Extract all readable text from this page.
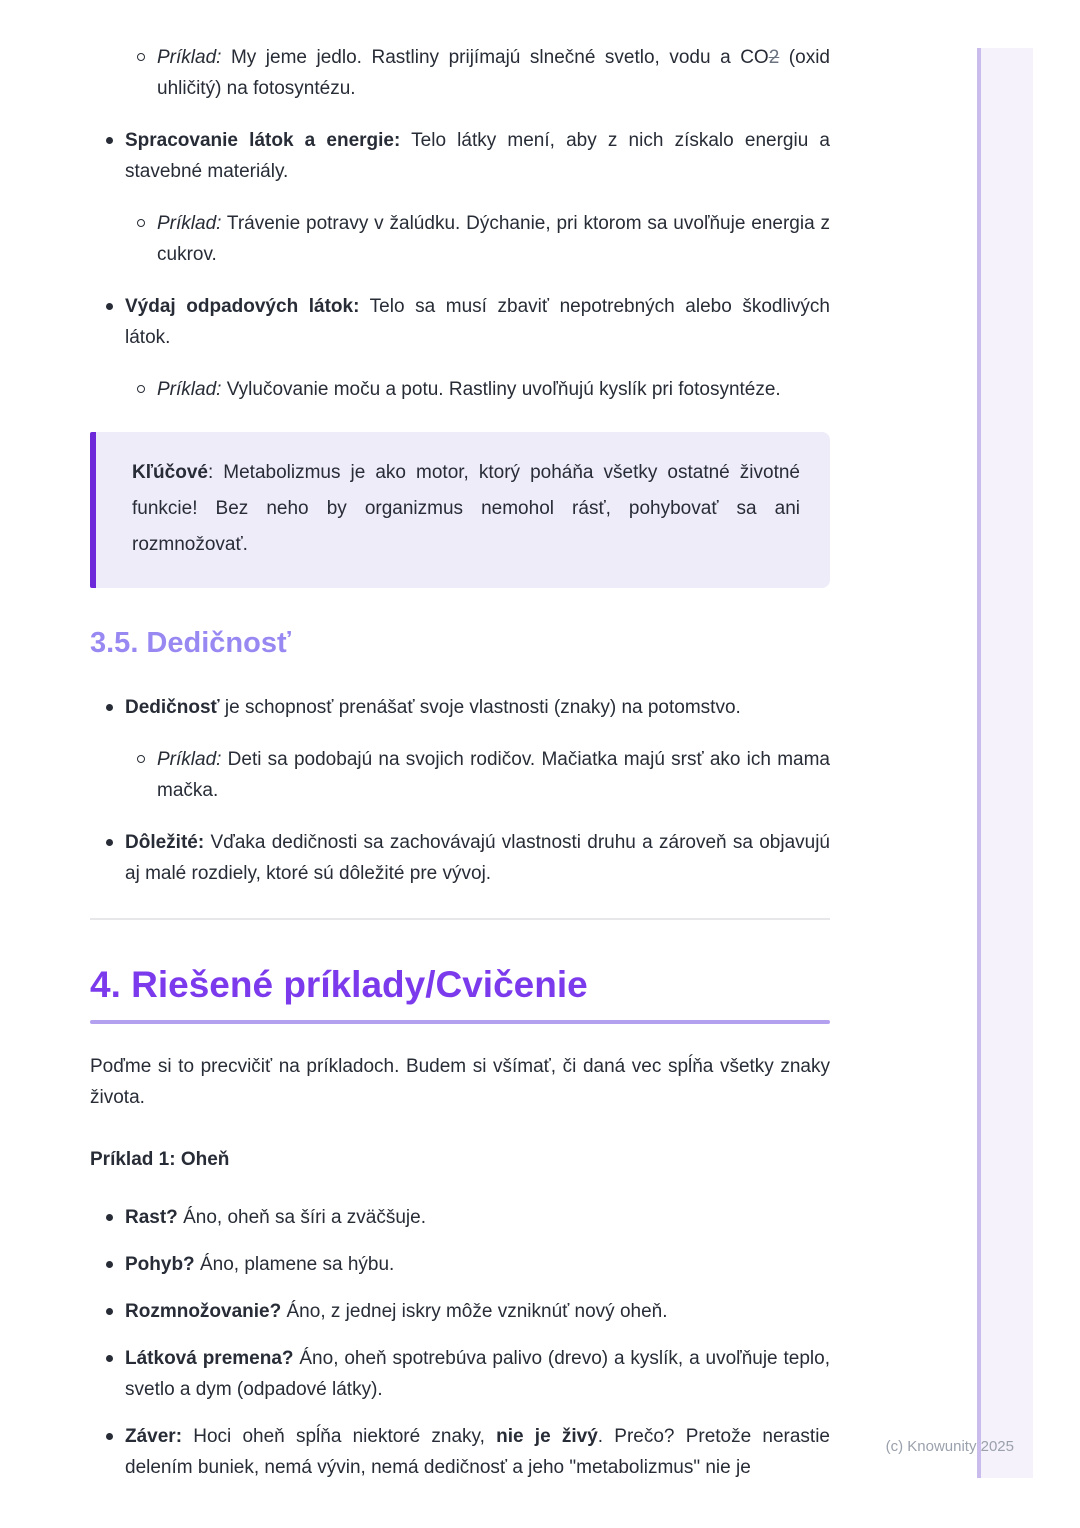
Príklad: My jeme jedlo. Rastliny prijímajú slnečné svetlo, vodu a CO2 (oxid uhličitý) na fotosyntézu.
Spracovanie látok a energie: Telo látky mení, aby z nich získalo energiu a stavebné materiály.
Príklad: Trávenie potravy v žalúdku. Dýchanie, pri ktorom sa uvoľňuje energia z cukrov.
Výdaj odpadových látok: Telo sa musí zbaviť nepotrebných alebo škodlivých látok.
Príklad: Vylučovanie moču a potu. Rastliny uvoľňujú kyslík pri fotosyntéze.
Kľúčové: Metabolizmus je ako motor, ktorý poháňa všetky ostatné životné funkcie! Bez neho by organizmus nemohol rásť, pohybovať sa ani rozmnožovať.
3.5. Dedičnosť
Dedičnosť je schopnosť prenášať svoje vlastnosti (znaky) na potomstvo.
Príklad: Deti sa podobajú na svojich rodičov. Mačiatka majú srsť ako ich mama mačka.
Dôležité: Vďaka dedičnosti sa zachovávajú vlastnosti druhu a zároveň sa objavujú aj malé rozdiely, ktoré sú dôležité pre vývoj.
4. Riešené príklady/Cvičenie

Poďme si to precvičiť na príkladoch. Budem si všímať, či daná vec spĺňa všetky znaky života.

Príklad 1: Oheň

Rast? Áno, oheň sa šíri a zväčšuje.
Pohyb? Áno, plamene sa hýbu.
Rozmnožovanie? Áno, z jednej iskry môže vzniknúť nový oheň.
Látková premena? Áno, oheň spotrebúva palivo (drevo) a kyslík, a uvoľňuje teplo, svetlo a dym (odpadové látky).
Záver: Hoci oheň spĺňa niektoré znaky, nie je živý. Prečo? Pretože nerastie delením buniek, nemá vývin, nemá dedičnosť a jeho "metabolizmus" nie je
(c) Knowunity 2025
